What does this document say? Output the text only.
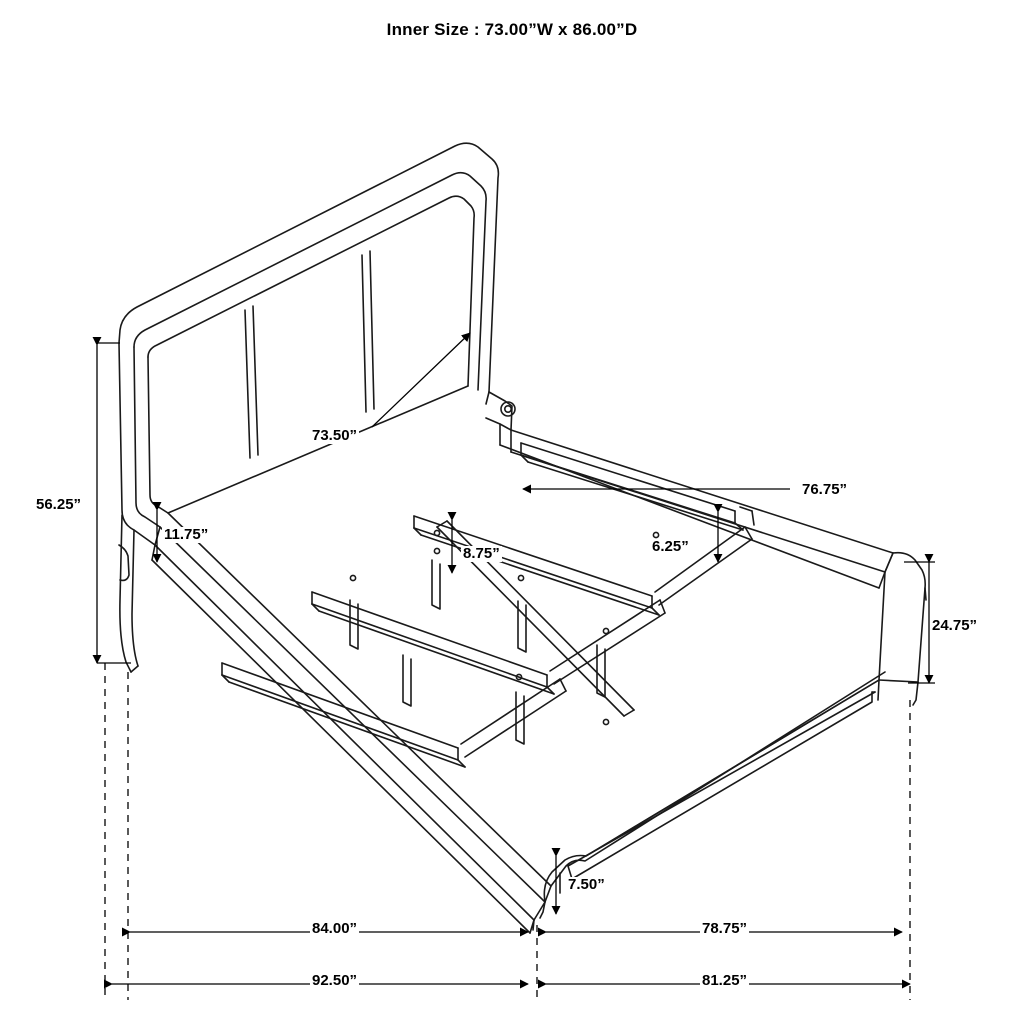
Inner Size : 73.00”W x 86.00”D
73.50”
56.25”
76.75”
11.75”
8.75”	6.25”
24.75”
7.50”
84.00”	78.75”
92.50”	81.25”
